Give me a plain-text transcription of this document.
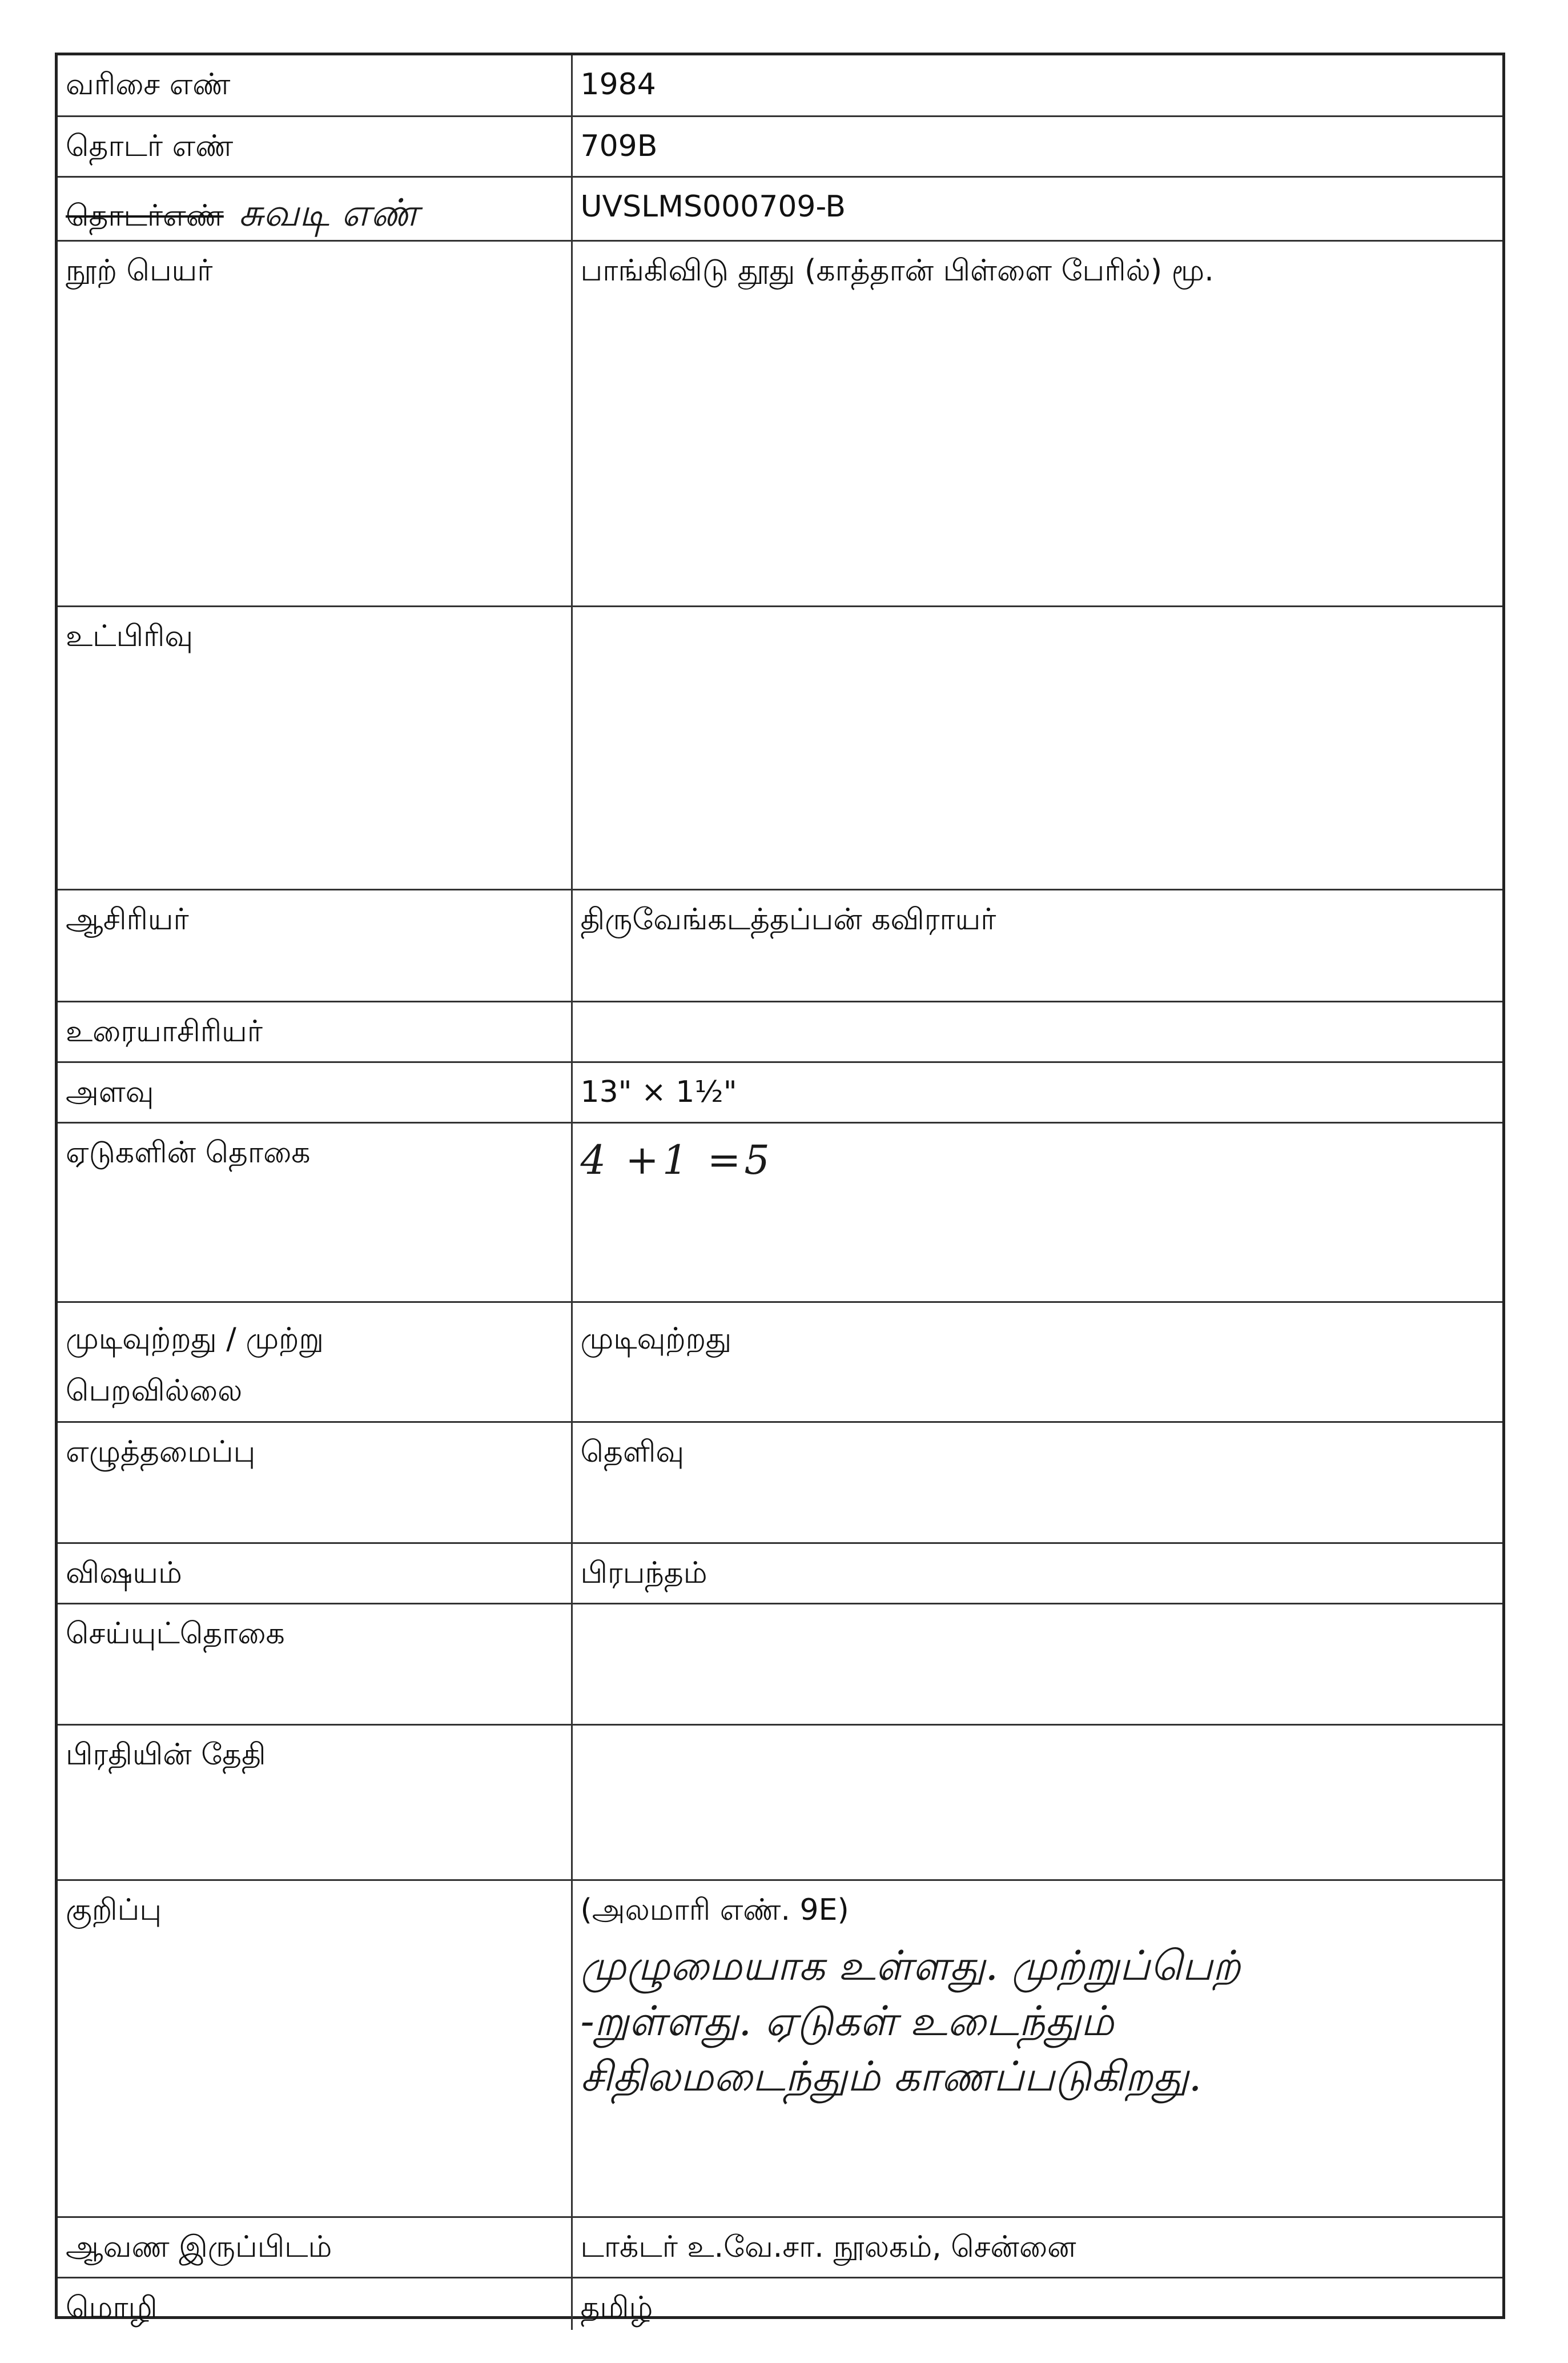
வரிசை எண்	1984
தொடர் எண்	709B
தொடர்எண் சுவடி எண்	UVSLMS000709-B
நூற் பெயர்	பாங்கிவிடு தூது (காத்தான் பிள்ளை பேரில்) மூ.
உட்பிரிவு	
ஆசிரியர்	திருவேங்கடத்தப்பன் கவிராயர்
உரையாசிரியர்	
அளவு	13" × 1½"
ஏடுகளின் தொகை	4 +1 =5

முடிவுற்றது / முற்று
பெறவில்லை	முடிவுற்றது
எழுத்தமைப்பு	தெளிவு
விஷயம்	பிரபந்தம்
செய்யுட்தொகை	
பிரதியின் தேதி	
குறிப்பு	(அலமாரி எண். 9E)
முழுமையாக உள்ளது. முற்றுப்பெற்
-றுள்ளது. ஏடுகள் உடைந்தும்
சிதிலமடைந்தும் காணப்படுகிறது.

ஆவண இருப்பிடம்	டாக்டர் உ.வே.சா. நூலகம், சென்னை
மொழி	தமிழ்
